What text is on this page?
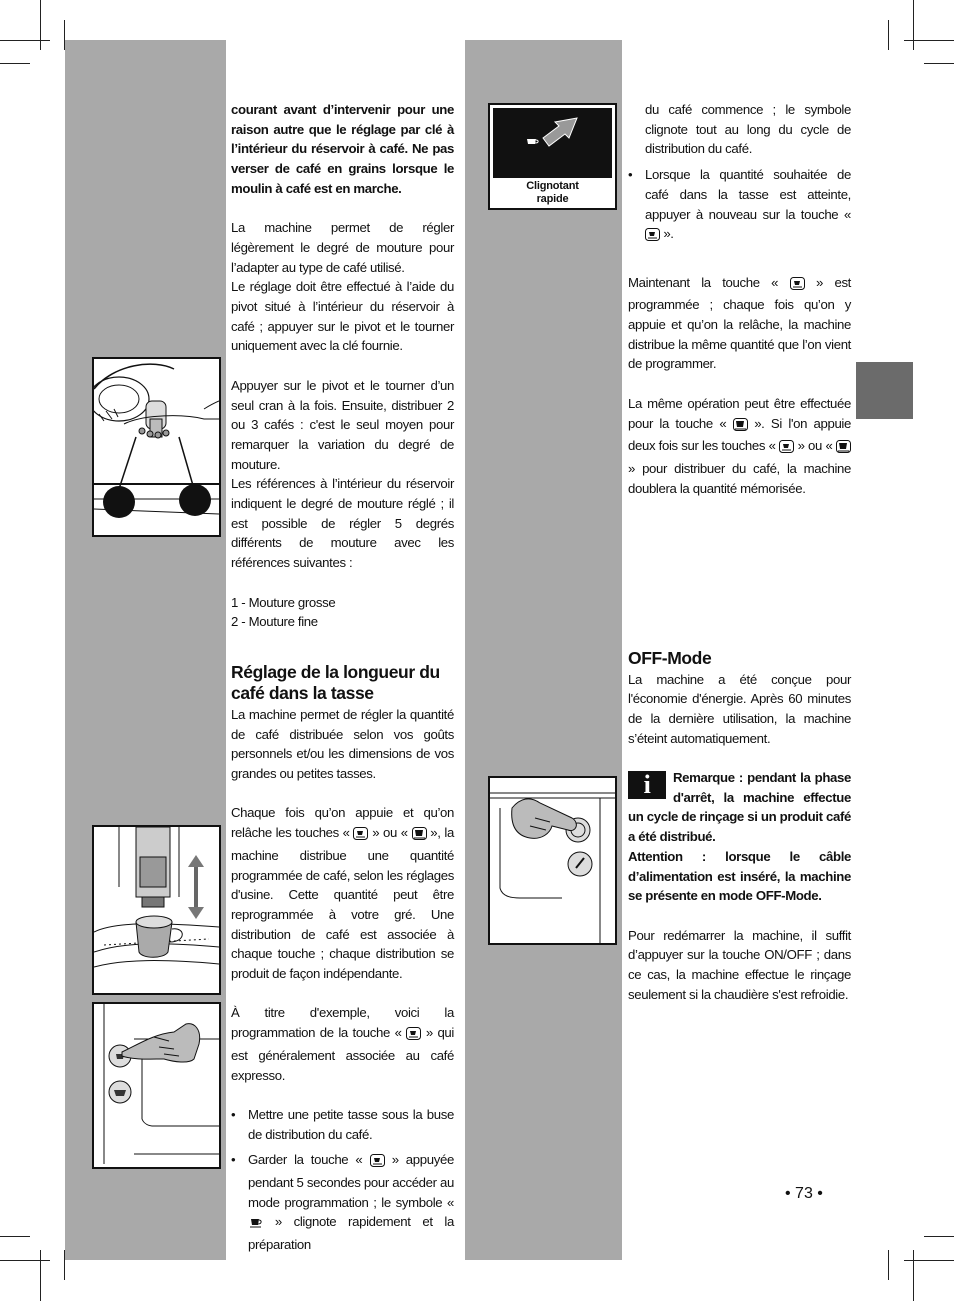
Clignotant rapide

courant avant d’intervenir pour une raison autre que le réglage par clé à l’intérieur du réservoir à café. Ne pas verser de café en grains lorsque le moulin à café est en marche.

La machine permet de régler légèrement le degré de mouture pour l’adapter au type de café utilisé.

Le réglage doit être effectué à l’aide du pivot situé à l’intérieur du réservoir à café ; appuyer sur le pivot et le tourner uniquement avec la clé fournie.

Appuyer sur le pivot et le tourner d’un seul cran à la fois. Ensuite, distribuer 2 ou 3 cafés : c'est le seul moyen pour remarquer la variation du degré de mouture.

Les références à l’intérieur du réservoir indiquent le degré de mouture réglé ; il est possible de régler 5 degrés différents de mouture avec les références suivantes :

1 - Mouture grosse

2 - Mouture fine

Réglage de la longueur du café dans la tasse

La machine permet de régler la quantité de café distribuée selon vos goûts personnels et/ou les dimensions de vos grandes ou petites tasses.

Chaque fois qu’on appuie et qu’on relâche les touches « » ou « », la machine distribue une quantité programmée de café, selon les réglages d'usine. Cette quantité peut être reprogrammée à votre gré. Une distribution de café est associée à chaque touche ; chaque distribution se produit de façon indépendante.

À titre d'exemple, voici la programmation de la touche « » qui est généralement associée au café expresso.

• Mettre une petite tasse sous la buse de distribution du café.
• Garder la touche « » appuyée pendant 5 secondes pour accéder au mode programmation ; le symbole «  » clignote rapidement et la préparation

du café commence ; le symbole clignote tout au long du cycle de distribution du café.

• Lorsque la quantité souhaitée de café dans la tasse est atteinte, appuyer à nouveau sur la touche «  ».

Maintenant la touche «	» est programmée ; chaque fois qu’on y appuie et qu’on la relâche, la machine distribue la même quantité que l’on vient de programmer.

La même opération peut être effectuée pour la touche « ». Si l'on appuie deux fois sur les touches « » ou «  » pour distribuer du café, la machine doublera la quantité mémorisée.

OFF-Mode

La machine a été conçue pour l'économie d'énergie. Après 60 minutes de la dernière utilisation, la machine s’éteint automatiquement.

i	Remarque : pendant la phase d'arrêt, la machine effectue un cycle de rinçage si un produit café a été distribué.

Attention : lorsque le câble d’alimentation est inséré, la machine se présente en mode OFF-Mode.

Pour redémarrer la machine, il suffit d’appuyer sur la touche ON/OFF ; dans ce cas, la machine effectue le rinçage seulement si la chaudière s'est refroidie.

• 73 •
